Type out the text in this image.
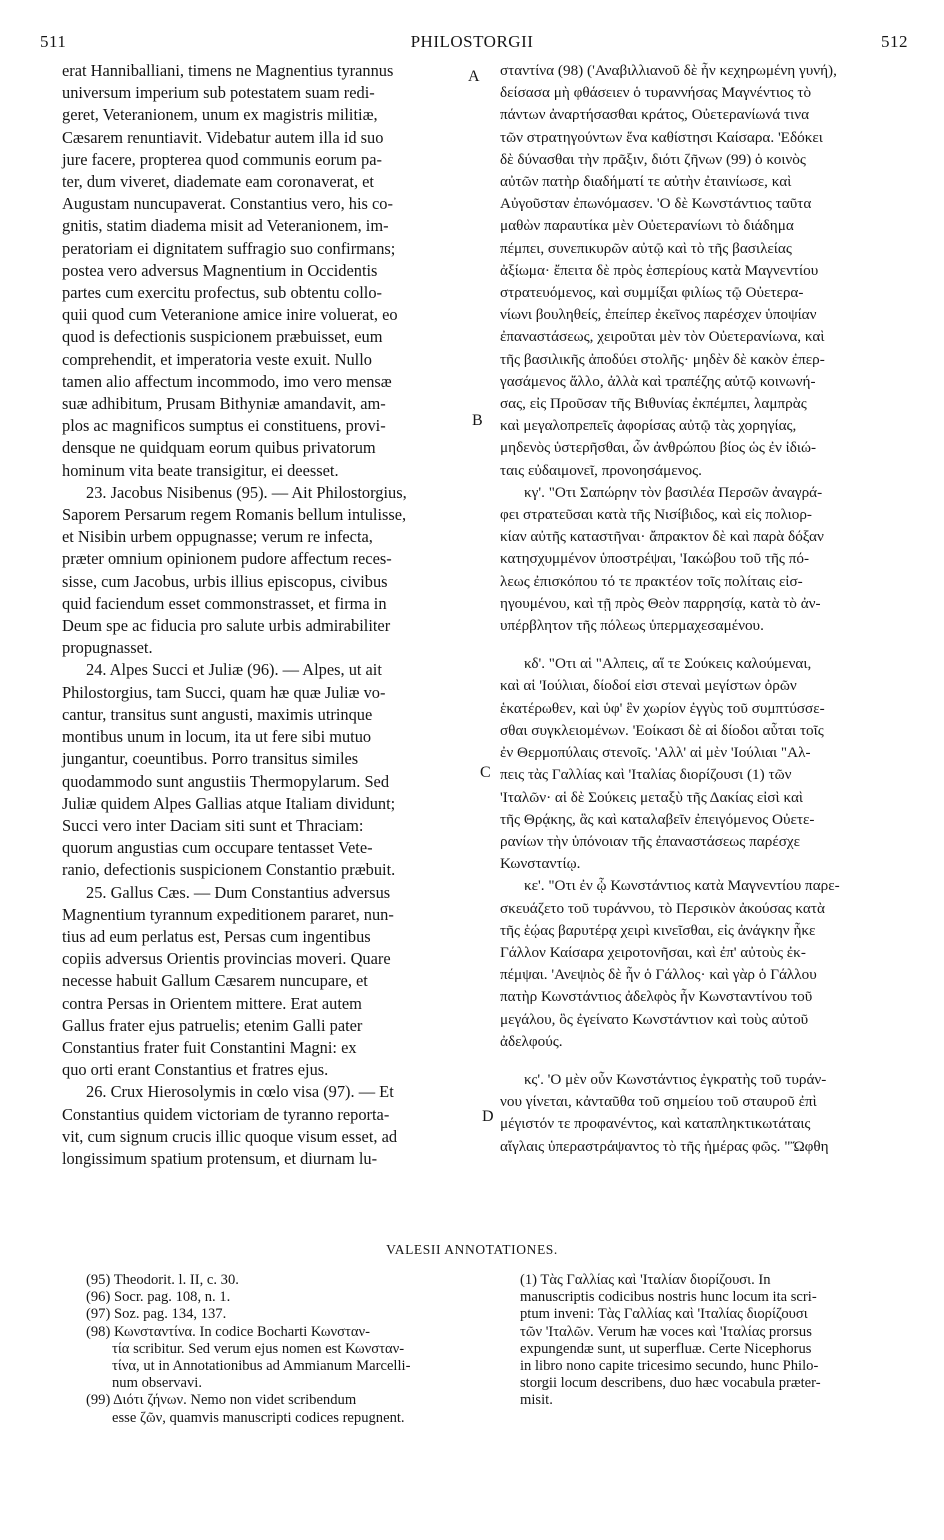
511	PHILOSTORGII	512
A
B
C
D
erat Hanniballiani, timens ne Magnentius tyrannus
universum imperium sub potestatem suam redi-
geret, Veteranionem, unum ex magistris militiæ,
Cæsarem renuntiavit. Videbatur autem illa id suo
jure facere, propterea quod communis eorum pa-
ter, dum viveret, diademate eam coronaverat, et
Augustam nuncupaverat. Constantius vero, his co-
gnitis, statim diadema misit ad Veteranionem, im-
peratoriam ei dignitatem suffragio suo confirmans;
postea vero adversus Magnentium in Occidentis
partes cum exercitu profectus, sub obtentu collo-
quii quod cum Veteranione amice inire voluerat, eo
quod is defectionis suspicionem præbuisset, eum
comprehendit, et imperatoria veste exuit. Nullo
tamen alio affectum incommodo, imo vero mensæ
suæ adhibitum, Prusam Bithyniæ amandavit, am-
plos ac magnificos sumptus ei constituens, provi-
densque ne quidquam eorum quibus privatorum
hominum vita beate transigitur, ei deesset.
23. Jacobus Nisibenus (95). — Ait Philostorgius,
Saporem Persarum regem Romanis bellum intulisse,
et Nisibin urbem oppugnasse; verum re infecta,
præter omnium opinionem pudore affectum reces-
sisse, cum Jacobus, urbis illius episcopus, civibus
quid faciendum esset commonstrasset, et firma in
Deum spe ac fiducia pro salute urbis admirabiliter
propugnasset.
24. Alpes Succi et Juliæ (96). — Alpes, ut ait
Philostorgius, tam Succi, quam hæ quæ Juliæ vo-
cantur, transitus sunt angusti, maximis utrinque
montibus unum in locum, ita ut fere sibi mutuo
jungantur, coeuntibus. Porro transitus similes
quodammodo sunt angustiis Thermopylarum. Sed
Juliæ quidem Alpes Gallias atque Italiam dividunt;
Succi vero inter Daciam siti sunt et Thraciam:
quorum angustias cum occupare tentasset Vete-
ranio, defectionis suspicionem Constantio præbuit.
25. Gallus Cæs. — Dum Constantius adversus
Magnentium tyrannum expeditionem pararet, nun-
tius ad eum perlatus est, Persas cum ingentibus
copiis adversus Orientis provincias moveri. Quare
necesse habuit Gallum Cæsarem nuncupare, et
contra Persas in Orientem mittere. Erat autem
Gallus frater ejus patruelis; etenim Galli pater
Constantius frater fuit Constantini Magni: ex
quo orti erant Constantius et fratres ejus.
26. Crux Hierosolymis in cœlo visa (97). — Et
Constantius quidem victoriam de tyranno reporta-
vit, cum signum crucis illic quoque visum esset, ad
longissimum spatium protensum, et diurnam lu-
σταντίνα (98) ('Αναβιλλιανοῦ δὲ ἦν κεχηρωμένη γυνή),
δείσασα μὴ φθάσειεν ὁ τυραννήσας Μαγνέντιος τὸ
πάντων ἀναρτήσασθαι κράτος, Οὐετερανίωνά τινα
τῶν στρατηγούντων ἕνα καθίστησι Καίσαρα. 'Εδόκει
δὲ δύνασθαι τὴν πρᾶξιν, διότι ζῆνων (99) ὁ κοινὸς
αὐτῶν πατὴρ διαδήματί τε αὐτὴν ἐταινίωσε, καὶ
Αὐγοῦσταν ἐπωνόμασεν. 'Ο δὲ Κωνστάντιος ταῦτα
μαθὼν παραυτίκα μὲν Οὐετερανίωνι τὸ διάδημα
πέμπει, συνεπικυρῶν αὐτῷ καὶ τὸ τῆς βασιλείας
ἀξίωμα· ἔπειτα δὲ πρὸς ἑσπερίους κατὰ Μαγνεντίου
στρατευόμενος, καὶ συμμίξαι φιλίως τῷ Οὐετερα-
νίωνι βουληθείς, ἐπείπερ ἐκεῖνος παρέσχεν ὑποψίαν
ἐπαναστάσεως, χειροῦται μὲν τὸν Οὐετερανίωνα, καὶ
τῆς βασιλικῆς ἀποδύει στολῆς· μηδὲν δὲ κακὸν ἐπερ-
γασάμενος ἄλλο, ἀλλὰ καὶ τραπέζης αὐτῷ κοινωνή-
σας, εἰς Προῦσαν τῆς Βιθυνίας ἐκπέμπει, λαμπρὰς
καὶ μεγαλοπρεπεῖς ἀφορίσας αὐτῷ τὰς χορηγίας,
μηδενὸς ὑστερῆσθαι, ὧν ἀνθρώπου βίος ὡς ἐν ἰδιώ-
ταις εὐδαιμονεῖ, προνοησάμενος.
κγ'. "Οτι Σαπώρην τὸν βασιλέα Περσῶν ἀναγρά-
φει στρατεῦσαι κατὰ τῆς Νισίβιδος, καὶ εἰς πολιορ-
κίαν αὐτῆς καταστῆναι· ἄπρακτον δὲ καὶ παρὰ δόξαν
κατησχυμμένον ὑποστρέψαι, 'Ιακώβου τοῦ τῆς πό-
λεως ἐπισκόπου τό τε πρακτέον τοῖς πολίταις εἰσ-
ηγουμένου, καὶ τῇ πρὸς Θεὸν παρρησίᾳ, κατὰ τὸ ἀν-
υπέρβλητον τῆς πόλεως ὑπερμαχεσαμένου.
κδ'. "Οτι αἱ "Αλπεις, αἵ τε Σούκεις καλούμεναι,
καὶ αἱ 'Ιούλιαι, δίοδοί εἰσι στεναὶ μεγίστων ὀρῶν
ἑκατέρωθεν, καὶ ὑφ' ἓν χωρίον ἐγγὺς τοῦ συμπτύσσε-
σθαι συγκλειομένων. 'Εοίκασι δὲ αἱ δίοδοι αὗται τοῖς
ἐν Θερμοπύλαις στενοῖς. 'Αλλ' αἱ μὲν 'Ιούλιαι "Αλ-
πεις τὰς Γαλλίας καὶ 'Ιταλίας διορίζουσι (1) τῶν
'Ιταλῶν· αἱ δὲ Σούκεις μεταξὺ τῆς Δακίας εἰσὶ καὶ
τῆς Θρᾴκης, ἃς καὶ καταλαβεῖν ἐπειγόμενος Οὐετε-
ρανίων τὴν ὑπόνοιαν τῆς ἐπαναστάσεως παρέσχε
Κωνσταντίῳ.
κε'. "Οτι ἐν ᾧ Κωνστάντιος κατὰ Μαγνεντίου παρε-
σκευάζετο τοῦ τυράννου, τὸ Περσικὸν ἀκούσας κατὰ
τῆς ἑῴας βαρυτέρᾳ χειρὶ κινεῖσθαι, εἰς ἀνάγκην ἧκε
Γάλλον Καίσαρα χειροτονῆσαι, καὶ ἐπ' αὐτοὺς ἐκ-
πέμψαι. 'Ανεψιὸς δὲ ἦν ὁ Γάλλος· καὶ γὰρ ὁ Γάλλου
πατὴρ Κωνστάντιος ἀδελφὸς ἦν Κωνσταντίνου τοῦ
μεγάλου, ὃς ἐγείνατο Κωνστάντιον καὶ τοὺς αὐτοῦ
ἀδελφούς.
κς'. 'Ο μὲν οὖν Κωνστάντιος ἐγκρατὴς τοῦ τυράν-
νου γίνεται, κἀνταῦθα τοῦ σημείου τοῦ σταυροῦ ἐπὶ
μέγιστόν τε προφανέντος, καὶ καταπληκτικωτάταις
αἴγλαις ὑπεραστράψαντος τὸ τῆς ἡμέρας φῶς. "Ὤφθη
VALESII ANNOTATIONES.
(95) Theodorit. l. II, c. 30.
(96) Socr. pag. 108, n. 1.
(97) Soz. pag. 134, 137.
(98) Κωνσταντίνα. In codice Bocharti Κωνσταν-
τία scribitur. Sed verum ejus nomen est Κωνσταν-
τίνα, ut in Annotationibus ad Ammianum Marcelli-
num observavi.
(99) Διότι ζήνων. Nemo non videt scribendum
esse ζῶν, quamvis manuscripti codices repugnent.
(1) Τὰς Γαλλίας καὶ 'Ιταλίαν διορίζουσι. In
manuscriptis codicibus nostris hunc locum ita scri-
ptum inveni: Τὰς Γαλλίας καὶ 'Ιταλίας διορίζουσι
τῶν 'Ιταλῶν. Verum hæ voces καὶ 'Ιταλίας prorsus
expungendæ sunt, ut superfluæ. Certe Nicephorus
in libro nono capite tricesimo secundo, hunc Philo-
storgii locum describens, duo hæc vocabula præter-
misit.
